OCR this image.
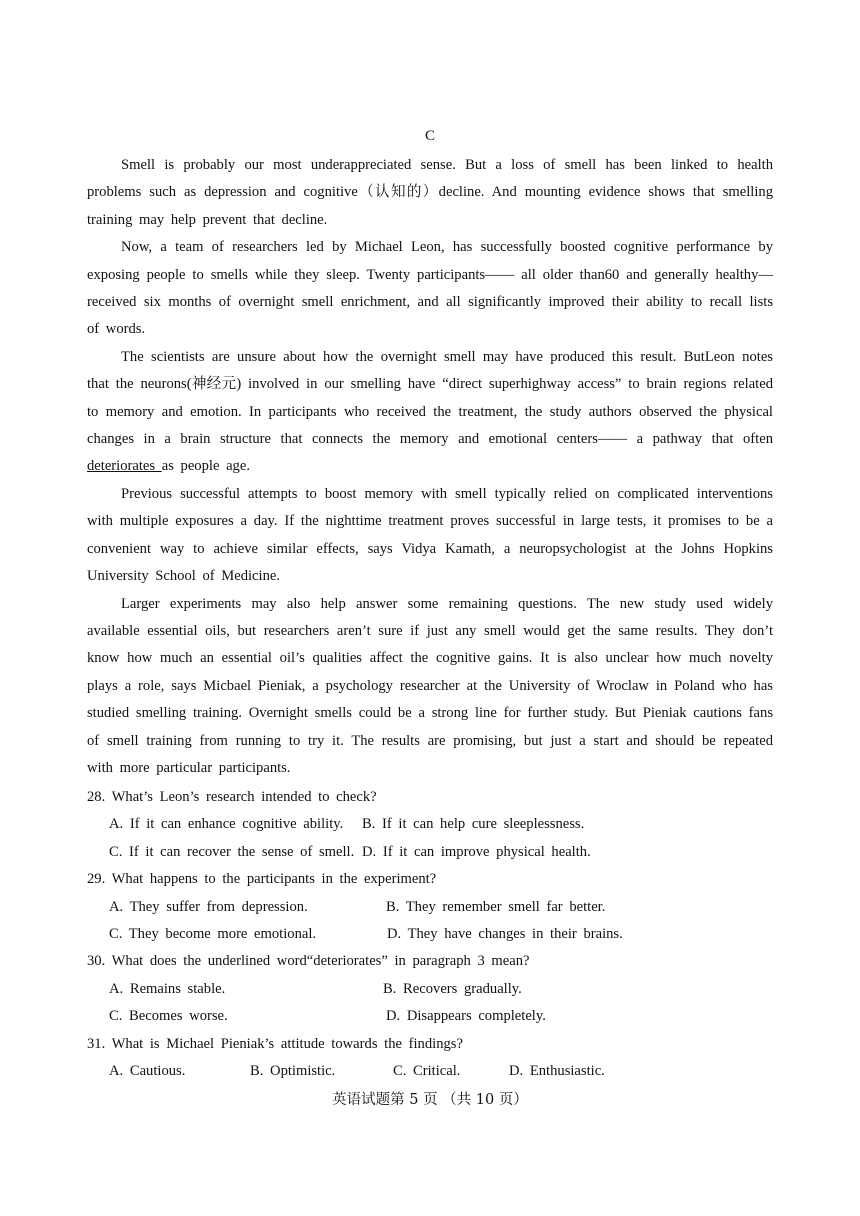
C

Smell is probably our most underappreciated sense. But a loss of smell has been linked to health problems such as depression and cognitive（认知的）decline. And mounting evidence shows that smelling training may help prevent that decline.

Now, a team of researchers led by Michael Leon, has successfully boosted cognitive performance by exposing people to smells while they sleep. Twenty participants—— all older than60 and generally healthy— received six months of overnight smell enrichment, and all significantly improved their ability to recall lists of words.

The scientists are unsure about how the overnight smell may have produced this result. ButLeon notes that the neurons(神经元) involved in our smelling have “direct superhighway access” to brain regions related to memory and emotion. In participants who received the treatment, the study authors observed the physical changes in a brain structure that connects the memory and emotional centers—— a pathway that often deteriorates as people age.

Previous successful attempts to boost memory with smell typically relied on complicated interventions with multiple exposures a day. If the nighttime treatment proves successful in large tests, it promises to be a convenient way to achieve similar effects, says Vidya Kamath, a neuropsychologist at the Johns Hopkins University School of Medicine.

Larger experiments may also help answer some remaining questions. The new study used widely available essential oils, but researchers aren’t sure if just any smell would get the same results. They don’t know how much an essential oil’s qualities affect the cognitive gains. It is also unclear how much novelty plays a role, says Micbael Pieniak, a psychology researcher at the University of Wroclaw in Poland who has studied smelling training. Overnight smells could be a strong line for further study. But Pieniak cautions fans of smell training from running to try it. The results are promising, but just a start and should be repeated with more particular participants.

28. What’s Leon’s research intended to check?

A. If it can enhance cognitive ability. B. If it can help cure sleeplessness.
C. If it can recover the sense of smell. D. If it can improve physical health.

29. What happens to the participants in the experiment?

A. They suffer from depression.	B. They remember smell far better.
C. They become more emotional.	D. They have changes in their brains.

30. What does the underlined word“deteriorates” in paragraph 3 mean?

A. Remains stable.	B. Recovers gradually.
C. Becomes worse.	D. Disappears completely.

31. What is Michael Pieniak’s attitude towards the findings?

A. Cautious.	B. Optimistic.	C. Critical.	D. Enthusiastic.
英语试题第 5 页 （共 10 页）
